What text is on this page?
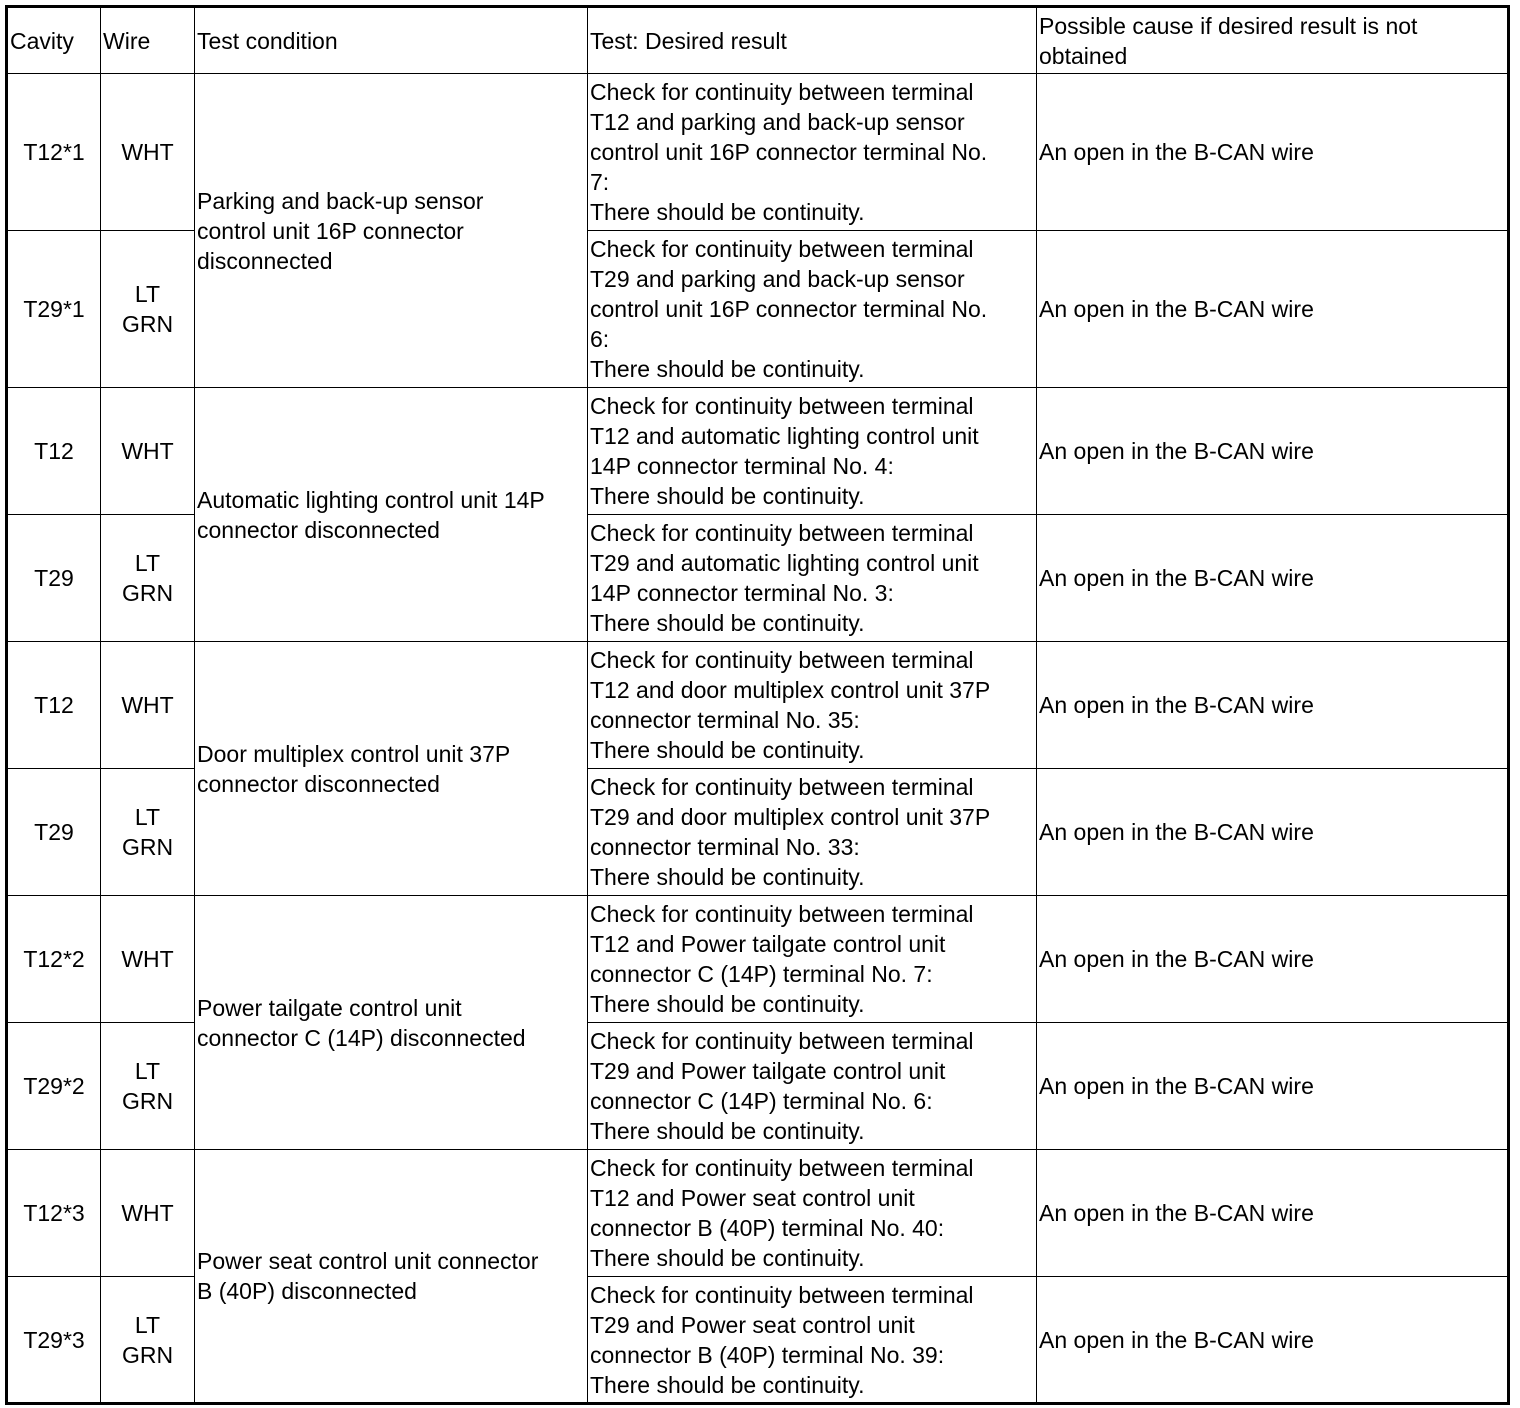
Cavity	Wire	Test condition	Test: Desired result	Possible cause if desired result is not
obtained

T12*1	WHT	Parking and back-up sensor
control unit 16P connector
disconnected	Check for continuity between terminal
T12 and parking and back-up sensor
control unit 16P connector terminal No.
7:
There should be continuity.	An open in the B-CAN wire
T29*1	LT
GRN		Check for continuity between terminal
T29 and parking and back-up sensor
control unit 16P connector terminal No.
6:
There should be continuity.	An open in the B-CAN wire
T12	WHT	Automatic lighting control unit 14P
connector disconnected	Check for continuity between terminal
T12 and automatic lighting control unit
14P connector terminal No. 4:
There should be continuity.	An open in the B-CAN wire
T29	LT
GRN		Check for continuity between terminal
T29 and automatic lighting control unit
14P connector terminal No. 3:
There should be continuity.	An open in the B-CAN wire
T12	WHT	Door multiplex control unit 37P
connector disconnected	Check for continuity between terminal
T12 and door multiplex control unit 37P
connector terminal No. 35:
There should be continuity.	An open in the B-CAN wire
T29	LT
GRN		Check for continuity between terminal
T29 and door multiplex control unit 37P
connector terminal No. 33:
There should be continuity.	An open in the B-CAN wire
T12*2	WHT	Power tailgate control unit
connector C (14P) disconnected	Check for continuity between terminal
T12 and Power tailgate control unit
connector C (14P) terminal No. 7:
There should be continuity.	An open in the B-CAN wire
T29*2	LT
GRN		Check for continuity between terminal
T29 and Power tailgate control unit
connector C (14P) terminal No. 6:
There should be continuity.	An open in the B-CAN wire
T12*3	WHT	Power seat control unit connector
B (40P) disconnected	Check for continuity between terminal
T12 and Power seat control unit
connector B (40P) terminal No. 40:
There should be continuity.	An open in the B-CAN wire
T29*3	LT
GRN		Check for continuity between terminal
T29 and Power seat control unit
connector B (40P) terminal No. 39:
There should be continuity.	An open in the B-CAN wire
